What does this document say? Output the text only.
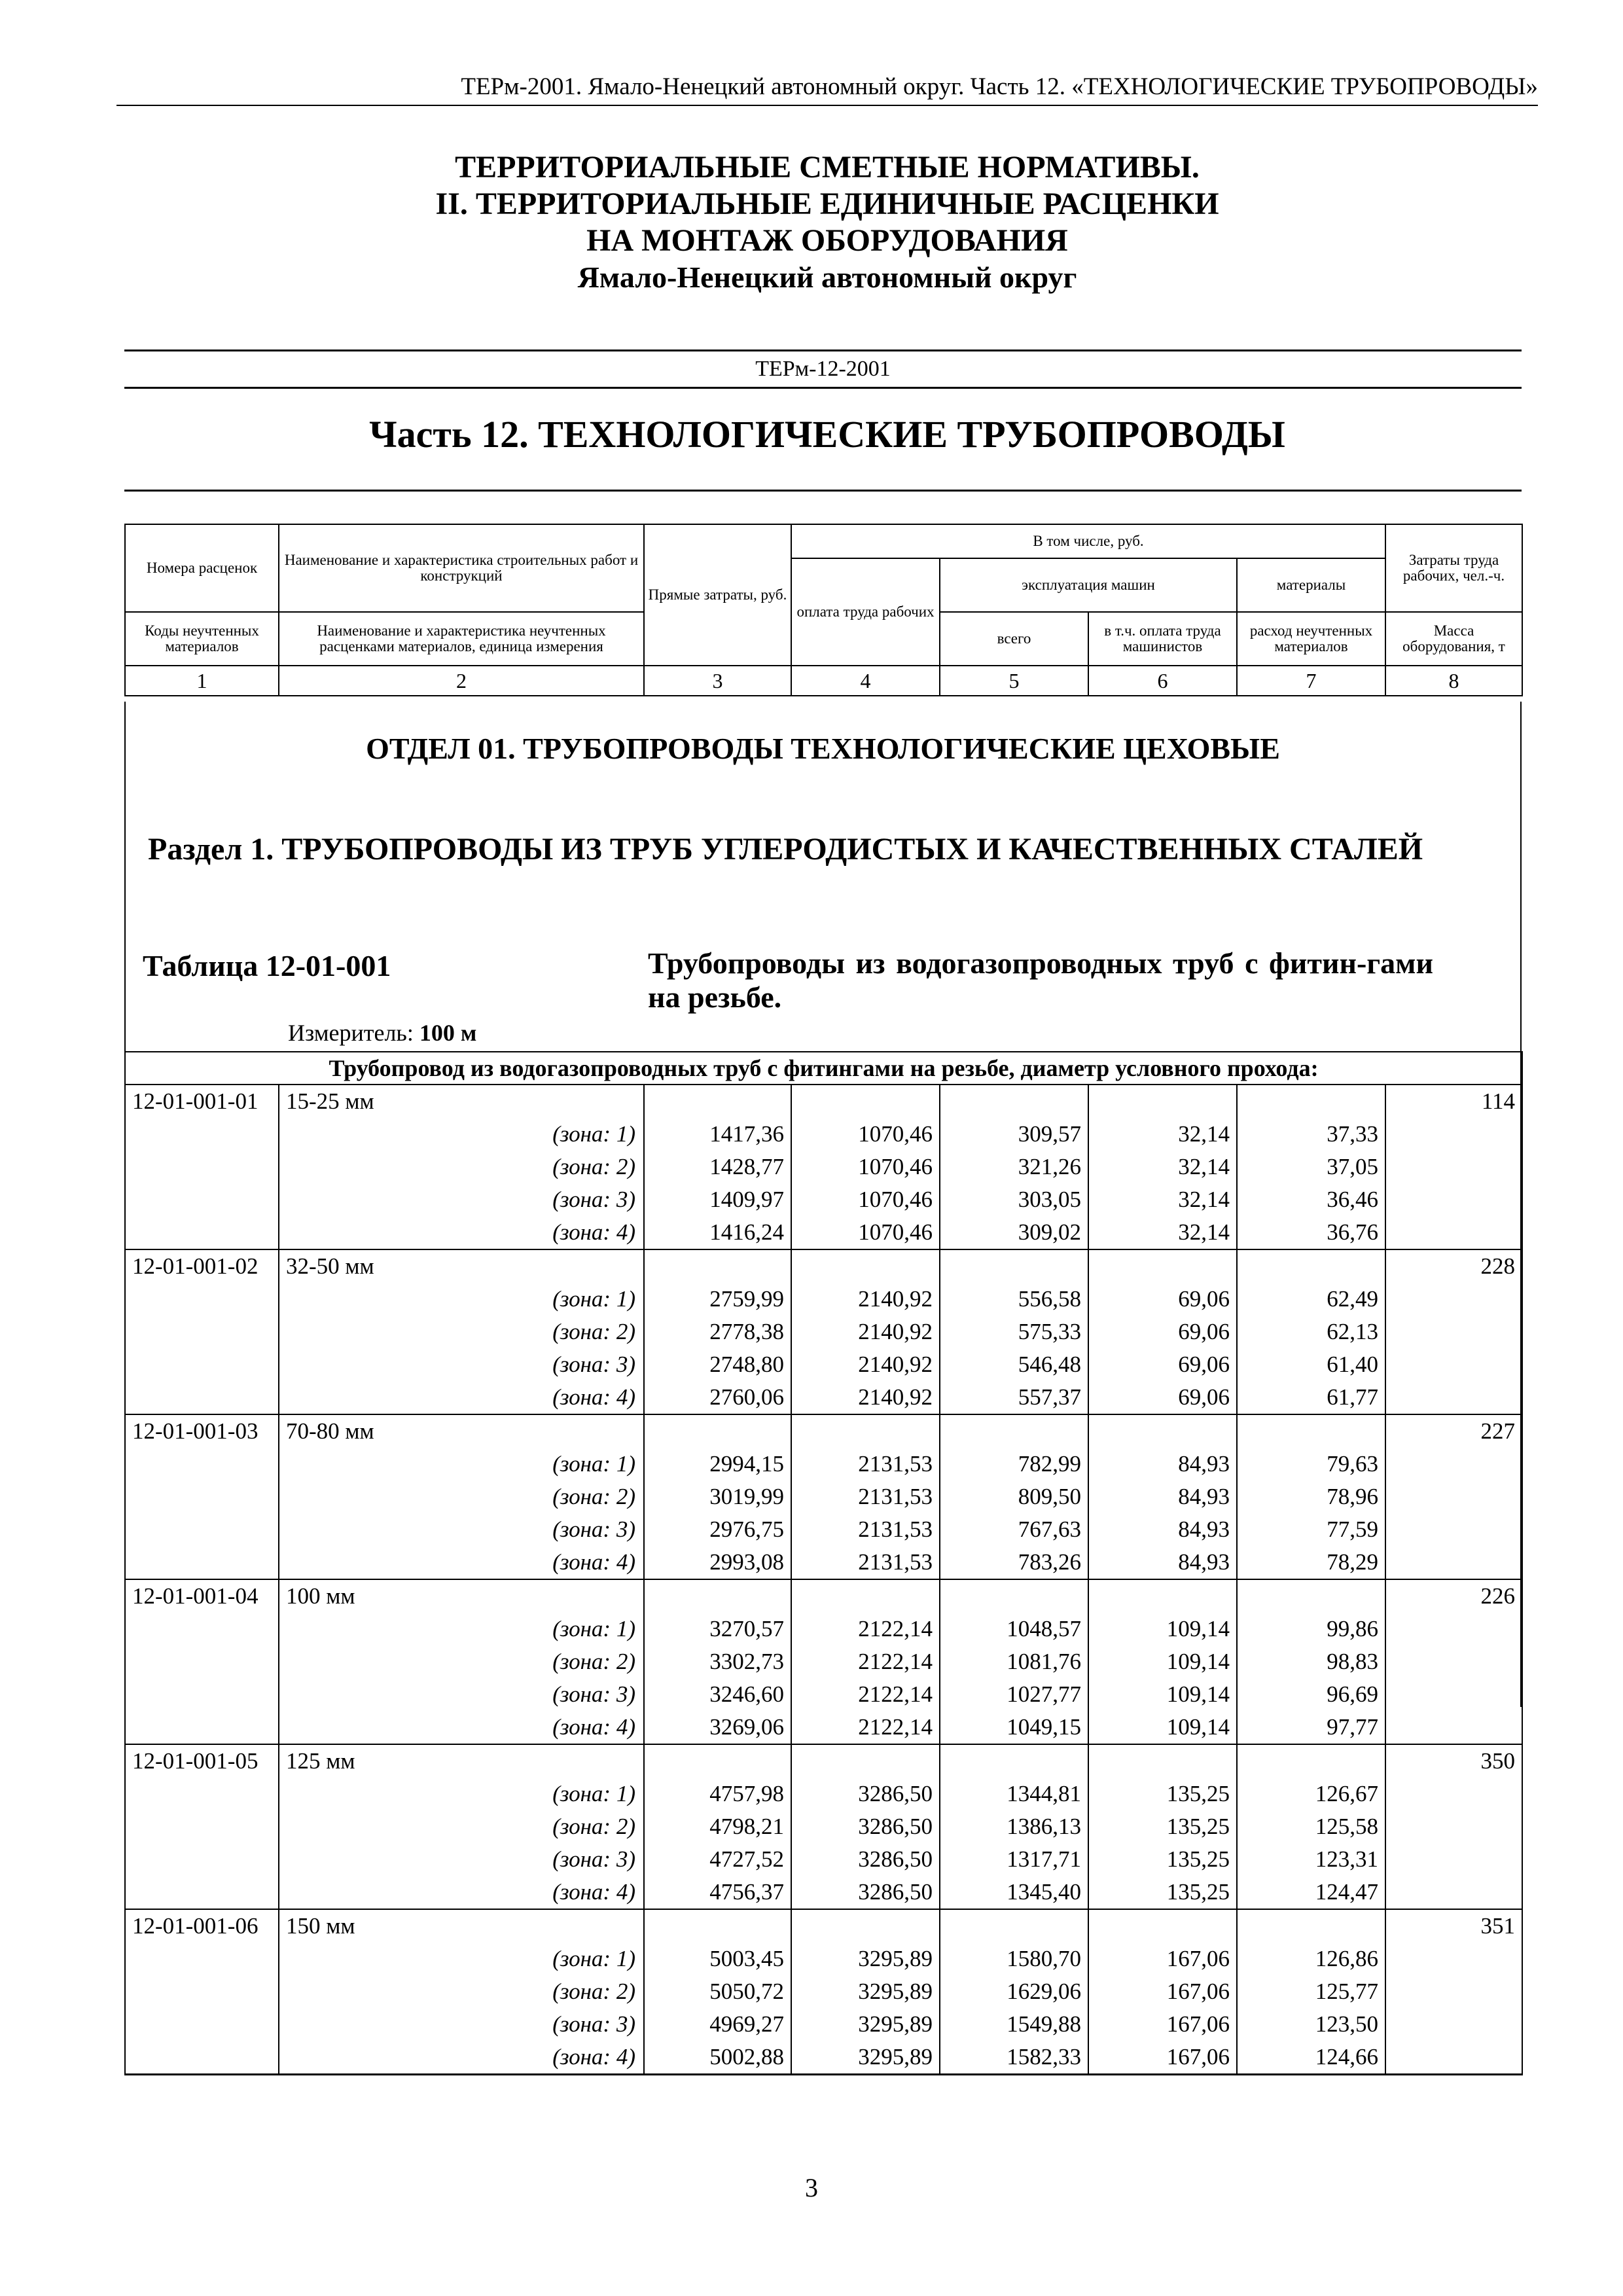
ТЕРм-2001. Ямало-Ненецкий автономный округ. Часть 12. «ТЕХНОЛОГИЧЕСКИЕ ТРУБОПРОВОДЫ»
ТЕРРИТОРИАЛЬНЫЕ СМЕТНЫЕ НОРМАТИВЫ.
II. ТЕРРИТОРИАЛЬНЫЕ ЕДИНИЧНЫЕ РАСЦЕНКИ
НА МОНТАЖ ОБОРУДОВАНИЯ
Ямало-Ненецкий автономный округ
ТЕРм-12-2001
Часть 12. ТЕХНОЛОГИЧЕСКИЕ ТРУБОПРОВОДЫ
Номера расценок	Наименование и характеристика строительных работ и конструкций	Прямые затраты, руб.	В том числе, руб.				Затраты труда рабочих, чел.-ч.
			оплата труда рабочих	эксплуатация машин		материалы	
Коды неучтенных материалов	Наименование и характеристика неучтенных расценками материалов, единица измерения			всего	в т.ч. оплата труда машинистов	расход неучтенных материалов	Масса оборудования, т
1	2	3	4	5	6	7	8
ОТДЕЛ 01. ТРУБОПРОВОДЫ ТЕХНОЛОГИЧЕСКИЕ ЦЕХОВЫЕ
Раздел 1. ТРУБОПРОВОДЫ ИЗ ТРУБ УГЛЕРОДИСТЫХ И КАЧЕСТВЕННЫХ СТАЛЕЙ
Таблица 12-01-001	Трубопроводы из водогазопроводных труб с фитин-гами на резьбе.
Измеритель: 100 м
Трубопровод из водогазопроводных труб с фитингами на резьбе, диаметр условного прохода:							
12-01-001-01	15-25 мм						114
	(зона: 1)	1417,36	1070,46	309,57	32,14	37,33	
	(зона: 2)	1428,77	1070,46	321,26	32,14	37,05	
	(зона: 3)	1409,97	1070,46	303,05	32,14	36,46	
	(зона: 4)	1416,24	1070,46	309,02	32,14	36,76	
12-01-001-02	32-50 мм						228
	(зона: 1)	2759,99	2140,92	556,58	69,06	62,49	
	(зона: 2)	2778,38	2140,92	575,33	69,06	62,13	
	(зона: 3)	2748,80	2140,92	546,48	69,06	61,40	
	(зона: 4)	2760,06	2140,92	557,37	69,06	61,77	
12-01-001-03	70-80 мм						227
	(зона: 1)	2994,15	2131,53	782,99	84,93	79,63	
	(зона: 2)	3019,99	2131,53	809,50	84,93	78,96	
	(зона: 3)	2976,75	2131,53	767,63	84,93	77,59	
	(зона: 4)	2993,08	2131,53	783,26	84,93	78,29	
12-01-001-04	100 мм						226
	(зона: 1)	3270,57	2122,14	1048,57	109,14	99,86	
	(зона: 2)	3302,73	2122,14	1081,76	109,14	98,83	
	(зона: 3)	3246,60	2122,14	1027,77	109,14	96,69	
	(зона: 4)	3269,06	2122,14	1049,15	109,14	97,77	
12-01-001-05	125 мм						350
	(зона: 1)	4757,98	3286,50	1344,81	135,25	126,67	
	(зона: 2)	4798,21	3286,50	1386,13	135,25	125,58	
	(зона: 3)	4727,52	3286,50	1317,71	135,25	123,31	
	(зона: 4)	4756,37	3286,50	1345,40	135,25	124,47	
12-01-001-06	150 мм						351
	(зона: 1)	5003,45	3295,89	1580,70	167,06	126,86	
	(зона: 2)	5050,72	3295,89	1629,06	167,06	125,77	
	(зона: 3)	4969,27	3295,89	1549,88	167,06	123,50	
	(зона: 4)	5002,88	3295,89	1582,33	167,06	124,66	
3
